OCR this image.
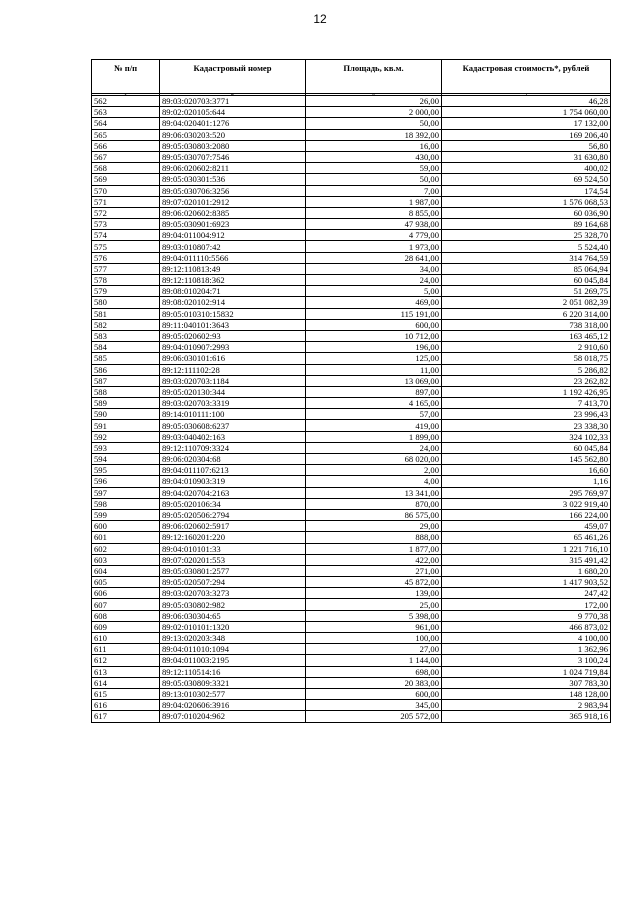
12
№ п/п	Кадастровый номер	Площадь, кв.м.	Кадастровая стоимость*, рублей

562	89:03:020703:3771	26,00	46,28
563	89:02:020105:644	2 000,00	1 754 060,00
564	89:04:020401:1276	50,00	17 132,00
565	89:06:030203:520	18 392,00	169 206,40
566	89:05:030803:2080	16,00	56,80
567	89:05:030707:7546	430,00	31 630,80
568	89:06:020602:8211	59,00	400,02
569	89:05:030301:536	50,00	69 524,50
570	89:05:030706:3256	7,00	174,54
571	89:07:020101:2912	1 987,00	1 576 068,53
572	89:06:020602:8385	8 855,00	60 036,90
573	89:05:030901:6923	47 938,00	89 164,68
574	89:04:011004:912	4 779,00	25 328,70
575	89:03:010807:42	1 973,00	5 524,40
576	89:04:011110:5566	28 641,00	314 764,59
577	89:12:110813:49	34,00	85 064,94
578	89:12:110818:362	24,00	60 045,84
579	89:08:010204:71	5,00	51 269,75
580	89:08:020102:914	469,00	2 051 082,39
581	89:05:010310:15832	115 191,00	6 220 314,00
582	89:11:040101:3643	600,00	738 318,00
583	89:05:020602:93	10 712,00	163 465,12
584	89:04:010907:2993	196,00	2 910,60
585	89:06:030101:616	125,00	58 018,75
586	89:12:111102:28	11,00	5 286,82
587	89:03:020703:1184	13 069,00	23 262,82
588	89:05:020130:344	897,00	1 192 426,95
589	89:03:020703:3319	4 165,00	7 413,70
590	89:14:010111:100	57,00	23 996,43
591	89:05:030608:6237	419,00	23 338,30
592	89:03:040402:163	1 899,00	324 102,33
593	89:12:110709:3324	24,00	60 045,84
594	89:06:020304:68	68 020,00	145 562,80
595	89:04:011107:6213	2,00	16,60
596	89:04:010903:319	4,00	1,16
597	89:04:020704:2163	13 341,00	295 769,97
598	89:05:020106:34	870,00	3 022 919,40
599	89:05:020506:2794	86 575,00	166 224,00
600	89:06:020602:5917	29,00	459,07
601	89:12:160201:220	888,00	65 461,26
602	89:04:010101:33	1 877,00	1 221 716,10
603	89:07:020201:553	422,00	315 491,42
604	89:05:030801:2577	271,00	1 680,20
605	89:05:020507:294	45 872,00	1 417 903,52
606	89:03:020703:3273	139,00	247,42
607	89:05:030802:982	25,00	172,00
608	89:06:030304:65	5 398,00	9 770,38
609	89:02:010101:1320	961,00	466 873,02
610	89:13:020203:348	100,00	4 100,00
611	89:04:011010:1094	27,00	1 362,96
612	89:04:011003:2195	1 144,00	3 100,24
613	89:12:110514:16	698,00	1 024 719,84
614	89:05:030809:3321	20 383,00	307 783,30
615	89:13:010302:577	600,00	148 128,00
616	89:04:020606:3916	345,00	2 983,94
617	89:07:010204:962	205 572,00	365 918,16
